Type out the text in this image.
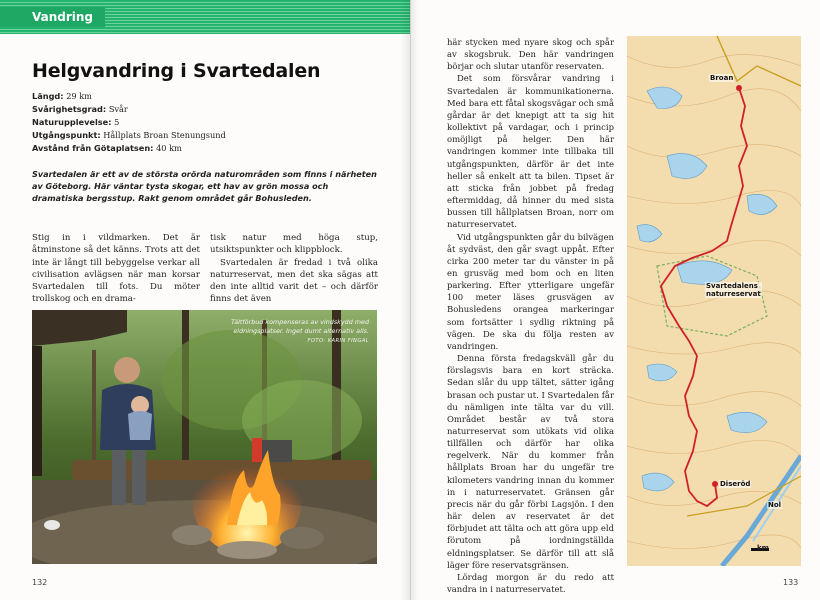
Vandring
Helgvandring i Svartedalen
Längd: 29 km
Svårighetsgrad: Svår
Naturupplevelse: 5
Utgångspunkt: Hållplats Broan Stenungsund
Avstånd från Götaplatsen: 40 km

Svartedalen är ett av de största orörda naturområden som finns i närheten av Göteborg. Här väntar tysta skogar, ett hav av grön mossa och dramatiska bergsstup. Rakt genom området går Bohusleden.

Stig in i vildmarken. Det är åtminstone så det känns. Trots att det inte är långt till bebyggelse verkar all civilisation avlägsen när man korsar Svartedalen till fots. Du möter trollskog och en drama-

tisk natur med höga stup, utsiktspunkter och klippblock.

Svartedalen är fredad i två olika naturreservat, men det ska sägas att den inte alltid varit det – och därför finns det även

Tältförbud kompenseras av vindskydd med eldningsplatser. Inget dumt alternativ alls.
FOTO: KARIN FINGAL
132

här stycken med nyare skog och spår av skogsbruk. Den här vandringen börjar och slutar utanför reservaten.

Det som försvårar vandring i Svartedalen är kommunikationerna. Med bara ett fåtal skogsvägar och små gårdar är det knepigt att ta sig hit kollektivt på vardagar, och i princip omöjligt på helger. Den här vandringen kommer inte tillbaka till utgångspunkten, därför är det inte heller så enkelt att ta bilen. Tipset är att sticka från jobbet på fredag eftermiddag, då hinner du med sista bussen till hållplatsen Broan, norr om naturreservatet.

Vid utgångspunkten går du bilvägen åt sydväst, den går svagt uppåt. Efter cirka 200 meter tar du vänster in på en grusväg med bom och en liten parkering. Efter ytterligare ungefär 100 meter läses grusvägen av Bohusledens orangea markeringar som fortsätter i sydlig riktning på vägen. De ska du följa resten av vandringen.

Denna första fredagskväll går du förslagsvis bara en kort sträcka. Sedan slår du upp tältet, sätter igång brasan och pustar ut. I Svartedalen får du nämligen inte tälta var du vill. Området består av två stora naturreservat som utökats vid olika tillfällen och därför har olika regelverk. När du kommer från hållplats Broan har du ungefär tre kilometers vandring innan du kommer in i naturreservatet. Gränsen går precis när du går förbi Lagsjön. I den här delen av reservatet är det förbjudet att tälta och att göra upp eld förutom på iordningställda eldningsplatser. Se därför till att slå läger före reservatsgränsen.

Lördag morgon är du redo att vandra in i naturreservatet.

Broan
Svartedalens
naturreservat
Diseröd
Nol
km
133
